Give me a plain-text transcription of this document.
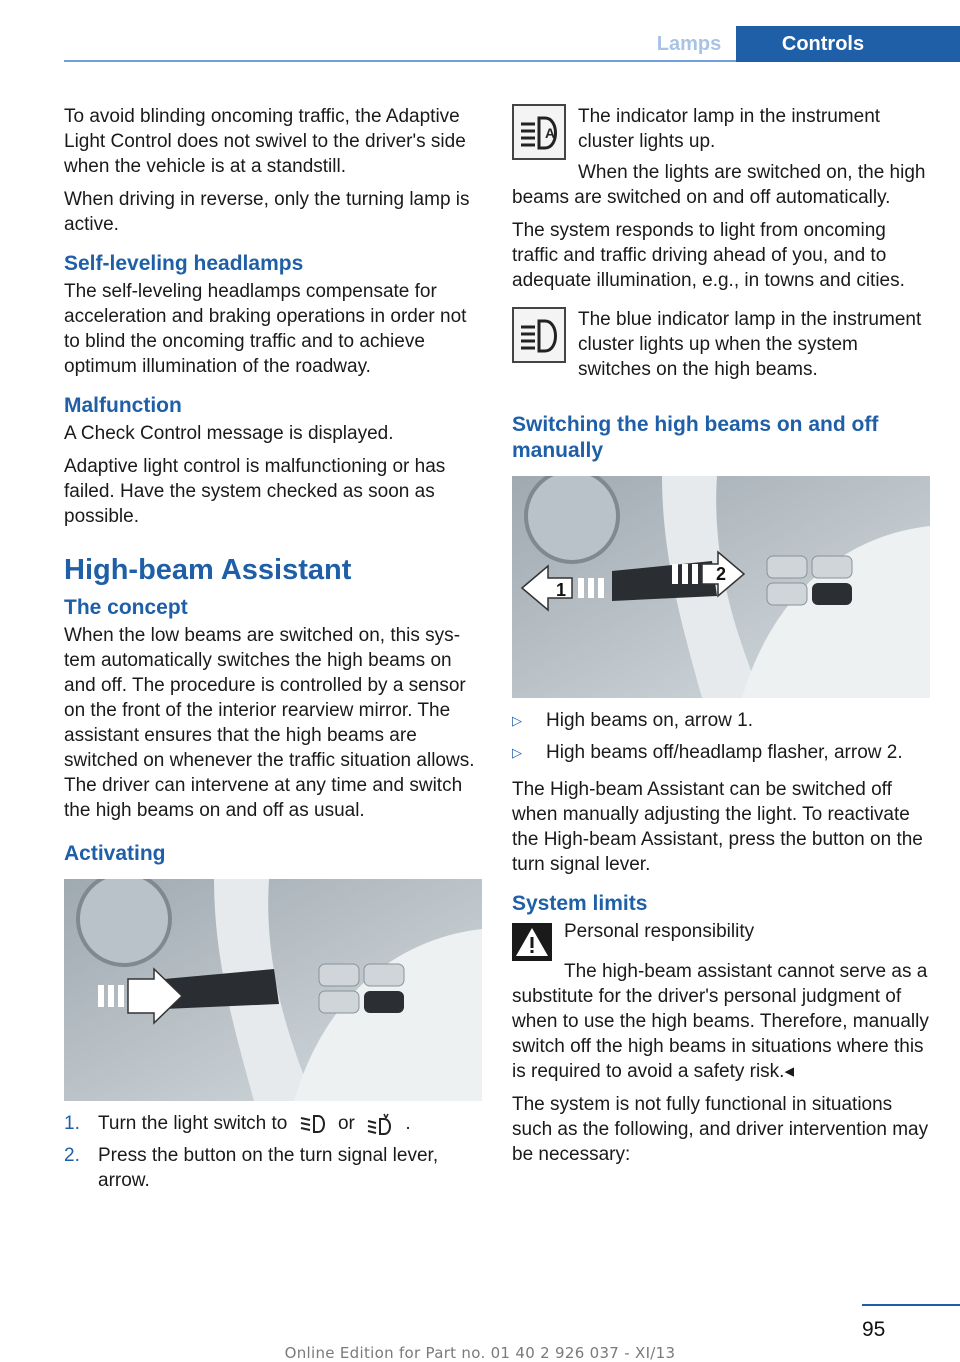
Lamps	Controls

To avoid blinding oncoming traffic, the Adaptive Light Control does not swivel to the driver's side when the vehicle is at a standstill.

When driving in reverse, only the turning lamp is active.

Self-leveling headlamps

The self-leveling headlamps compensate for acceleration and braking operations in order not to blind the oncoming traffic and to achieve optimum illumination of the roadway.

Malfunction

A Check Control message is displayed.

Adaptive light control is malfunctioning or has failed. Have the system checked as soon as possible.

High-beam Assistant
The concept

When the low beams are switched on, this system automatically switches the high beams on and off. The procedure is controlled by a sensor on the front of the interior rearview mirror. The assistant ensures that the high beams are switched on whenever the traffic situation allows. The driver can intervene at any time and switch the high beams on and off as usual.

Activating
1. Turn the light switch to	or	.
2. Press the button on the turn signal lever, arrow.
A

The indicator lamp in the instrument cluster lights up.

When the lights are switched on, the high beams are switched on and off automatically.

The system responds to light from oncoming traffic and traffic driving ahead of you, and to adequate illumination, e.g., in towns and cities.

The blue indicator lamp in the instrument cluster lights up when the system switches on the high beams.

Switching the high beams on and off manually
1
2
▷	High beams on, arrow 1.
▷	High beams off/headlamp flasher, arrow 2.

The High-beam Assistant can be switched off when manually adjusting the light. To reactivate the High-beam Assistant, press the button on the turn signal lever.

System limits

Personal responsibility

The high-beam assistant cannot serve as a substitute for the driver's personal judgment of when to use the high beams. Therefore, manually switch off the high beams in situations where this is required to avoid a safety risk.◂

The system is not fully functional in situations such as the following, and driver intervention may be necessary:

95
Online Edition for Part no. 01 40 2 926 037 - XI/13
